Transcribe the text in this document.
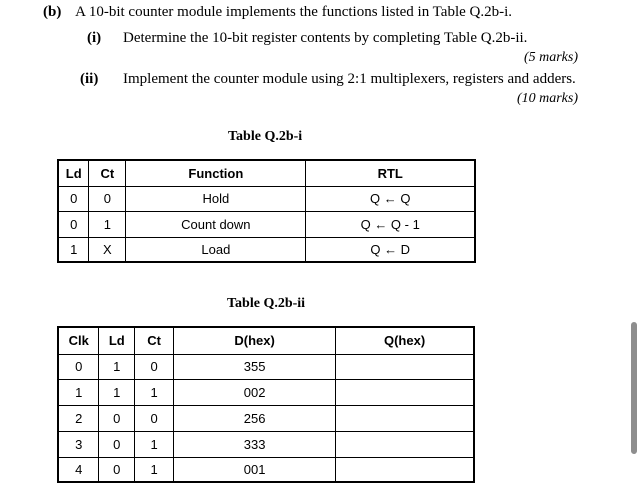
(b) A 10-bit counter module implements the functions listed in Table Q.2b-i.
(i) Determine the 10-bit register contents by completing Table Q.2b-ii.
(5 marks)
(ii) Implement the counter module using 2:1 multiplexers, registers and adders.
(10 marks)
Table Q.2b-i
Ld	Ct	Function	RTL
0	0	Hold	Q ← Q
0	1	Count down	Q ← Q - 1
1	X	Load	Q ← D
Table Q.2b-ii
Clk	Ld	Ct	D(hex)	Q(hex)
0	1	0	355	
1	1	1	002	
2	0	0	256	
3	0	1	333	
4	0	1	001	
